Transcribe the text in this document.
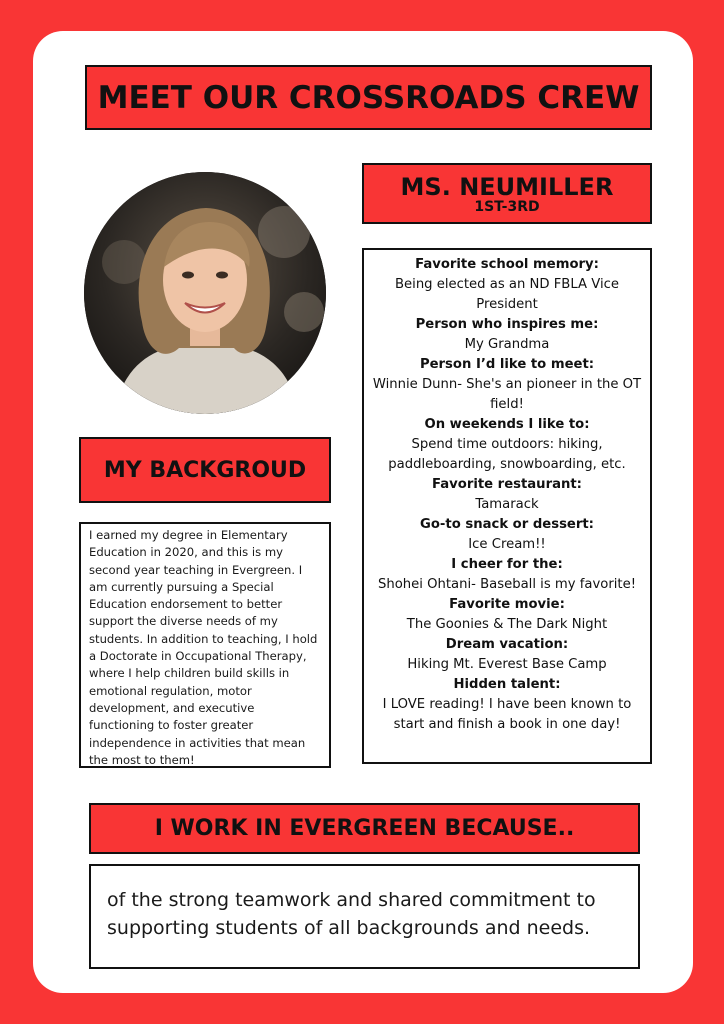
MEET OUR CROSSROADS CREW
MS. NEUMILLER
1ST-3RD
Favorite school memory:
Being elected as an ND FBLA Vice President
Person who inspires me:
My Grandma
Person I’d like to meet:
Winnie Dunn- She's an pioneer in the OT field!
On weekends I like to:
Spend time outdoors: hiking, paddleboarding, snowboarding, etc.
Favorite restaurant:
Tamarack
Go-to snack or dessert:
Ice Cream!!
I cheer for the:
Shohei Ohtani- Baseball is my favorite!
Favorite movie:
The Goonies & The Dark Night
Dream vacation:
Hiking Mt. Everest Base Camp
Hidden talent:
I LOVE reading! I have been known to start and finish a book in one day!
MY BACKGROUD
I earned my degree in Elementary Education in 2020, and this is my second year teaching in Evergreen. I am currently pursuing a Special Education endorsement to better support the diverse needs of my students. In addition to teaching, I hold a Doctorate in Occupational Therapy, where I help children build skills in emotional regulation, motor development, and executive functioning to foster greater independence in activities that mean the most to them!
I WORK IN EVERGREEN BECAUSE..
of the strong teamwork and shared commitment to supporting students of all backgrounds and needs.
